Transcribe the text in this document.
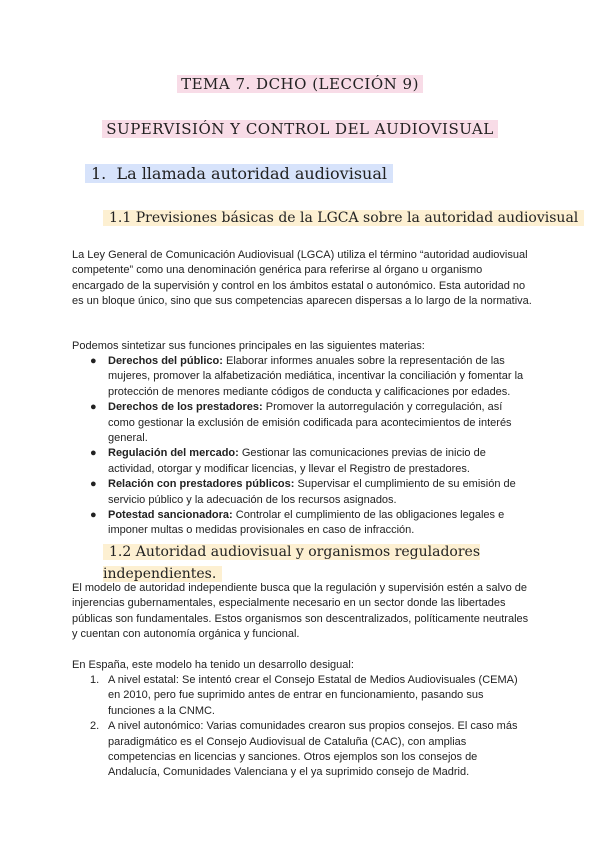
TEMA 7. DCHO (LECCIÓN 9)
SUPERVISIÓN Y CONTROL DEL AUDIOVISUAL
1. La llamada autoridad audiovisual
1.1 Previsiones básicas de la LGCA sobre la autoridad audiovisual

La Ley General de Comunicación Audiovisual (LGCA) utiliza el término “autoridad audiovisual competente” como una denominación genérica para referirse al órgano u organismo encargado de la supervisión y control en los ámbitos estatal o autonómico. Esta autoridad no es un bloque único, sino que sus competencias aparecen dispersas a lo largo de la normativa.

Podemos sintetizar sus funciones principales en las siguientes materias:

●	Derechos del público: Elaborar informes anuales sobre la representación de las mujeres, promover la alfabetización mediática, incentivar la conciliación y fomentar la protección de menores mediante códigos de conducta y calificaciones por edades.
●	Derechos de los prestadores: Promover la autorregulación y corregulación, así como gestionar la exclusión de emisión codificada para acontecimientos de interés general.
●	Regulación del mercado: Gestionar las comunicaciones previas de inicio de actividad, otorgar y modificar licencias, y llevar el Registro de prestadores.
●	Relación con prestadores públicos: Supervisar el cumplimiento de su emisión de servicio público y la adecuación de los recursos asignados.
●	Potestad sancionadora: Controlar el cumplimiento de las obligaciones legales e imponer multas o medidas provisionales en caso de infracción.
1.2 Autoridad audiovisual y organismos reguladores independientes.

El modelo de autoridad independiente busca que la regulación y supervisión estén a salvo de injerencias gubernamentales, especialmente necesario en un sector donde las libertades públicas son fundamentales. Estos organismos son descentralizados, políticamente neutrales y cuentan con autonomía orgánica y funcional.

En España, este modelo ha tenido un desarrollo desigual:

1. A nivel estatal: Se intentó crear el Consejo Estatal de Medios Audiovisuales (CEMA) en 2010, pero fue suprimido antes de entrar en funcionamiento, pasando sus funciones a la CNMC.
2. A nivel autonómico: Varias comunidades crearon sus propios consejos. El caso más paradigmático es el Consejo Audiovisual de Cataluña (CAC), con amplias competencias en licencias y sanciones. Otros ejemplos son los consejos de Andalucía, Comunidades Valenciana y el ya suprimido consejo de Madrid.
